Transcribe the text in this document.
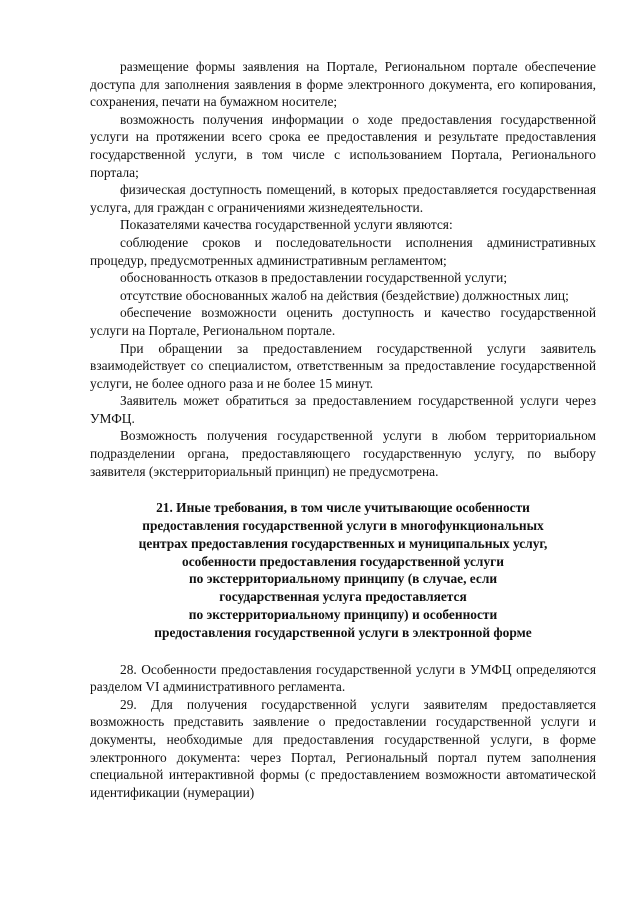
размещение формы заявления на Портале, Региональном портале обеспечение доступа для заполнения заявления в форме электронного документа, его копирования, сохранения, печати на бумажном носителе;

возможность получения информации о ходе предоставления государственной услуги на протяжении всего срока ее предоставления и результате предоставления государственной услуги, в том числе с использованием Портала, Регионального портала;

физическая доступность помещений, в которых предоставляется государственная услуга, для граждан с ограничениями жизнедеятельности.

Показателями качества государственной услуги являются:

соблюдение сроков и последовательности исполнения административных процедур, предусмотренных административным регламентом;

обоснованность отказов в предоставлении государственной услуги;

отсутствие обоснованных жалоб на действия (бездействие) должностных лиц;

обеспечение возможности оценить доступность и качество государственной услуги на Портале, Региональном портале.

При обращении за предоставлением государственной услуги заявитель взаимодействует со специалистом, ответственным за предоставление государственной услуги, не более одного раза и не более 15 минут.

Заявитель может обратиться за предоставлением государственной услуги через УМФЦ.

Возможность получения государственной услуги в любом территориальном подразделении органа, предоставляющего государственную услугу, по выбору заявителя (экстерриториальный принцип) не предусмотрена.

21. Иные требования, в том числе учитывающие особенности
предоставления государственной услуги в многофункциональных
центрах предоставления государственных и муниципальных услуг,
особенности предоставления государственной услуги
по экстерриториальному принципу (в случае, если
государственная услуга предоставляется
по экстерриториальному принципу) и особенности
предоставления государственной услуги в электронной форме

28. Особенности предоставления государственной услуги в УМФЦ определяются разделом VI административного регламента.

29. Для получения государственной услуги заявителям предоставляется возможность представить заявление о предоставлении государственной услуги и документы, необходимые для предоставления государственной услуги, в форме электронного документа: через Портал, Региональный портал путем заполнения специальной интерактивной формы (с предоставлением возможности автоматической идентификации (нумерации)
